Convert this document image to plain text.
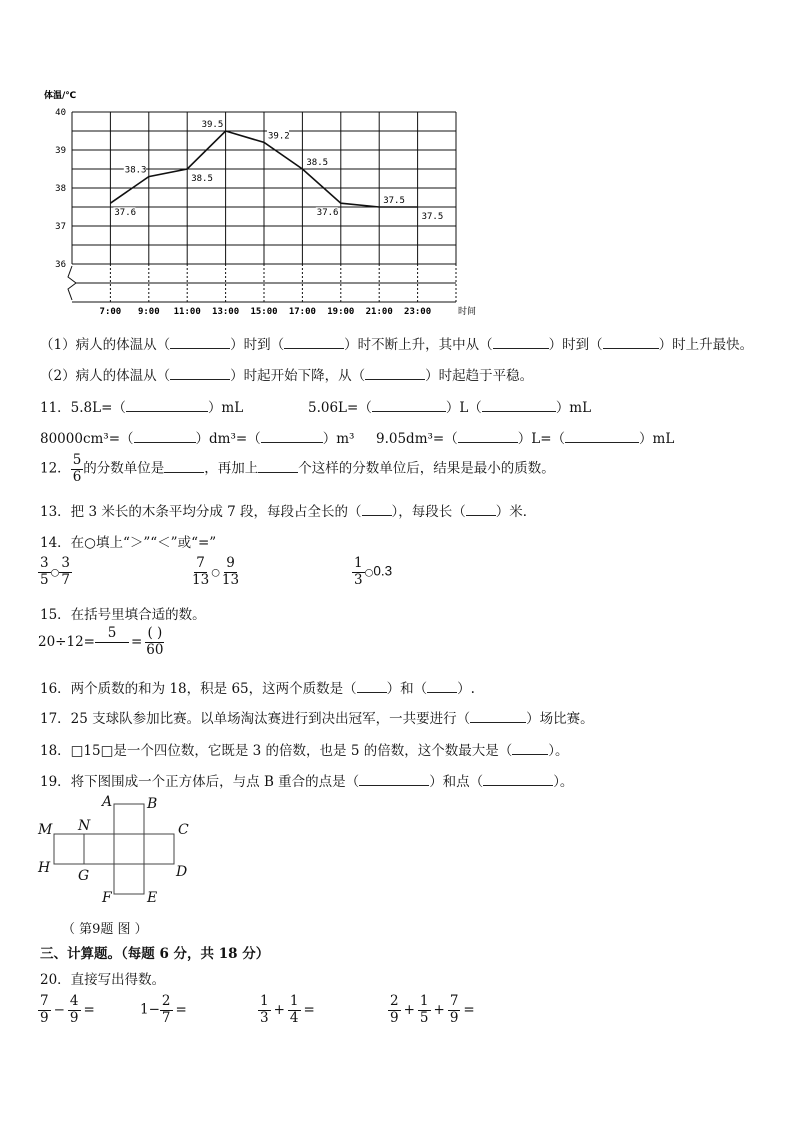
体温/℃
40
39
38
37
36
7:00 9:00 11:00 13:00 15:00 17:00 19:00 21:00 23:00	时间
37.6
38.3
38.5
39.5
39.2
38.5
37.6
37.5
37.5
（1）病人的体温从（	）时到（	）时不断上升，其中从（	）时到（	）时上升最快。
（2）病人的体温从（	）时起开始下降，从（	）时起趋于平稳。
11．5.8L=（	）mL	5.06L=（	）L（	）mL
80000cm³=（	）dm³=（	）m³ 9.05dm³=（	）L=（	）mL
12． $\frac{5}{6}$ 的分数单位是	，再加上	个这样的分数单位后，结果是最小的质数。
13．把 3 米长的木条平均分成 7 段，每段占全长的（ ），每段长（ ）米．
14．在○填上“＞”“＜”或“=”
$\frac{3}{5}$ ○ $\frac{3}{7}$	$\frac{7}{13}$ ○ $\frac{9}{13}$	$\frac{1}{3}$ ○0.3
15．在括号里填合适的数。
20÷12=
5
= $\frac{( )}{60}$
16．两个质数的和为 18，积是 65，这两个质数是（ ）和（ ）.
17．25 支球队参加比赛。以单场淘汰赛进行到决出冠军，一共要进行（	）场比赛。
18．□15□是一个四位数，它既是 3 的倍数，也是 5 的倍数，这个数最大是（	）。
19．将下图围成一个正方体后，与点 B 重合的点是（	）和点（	）。
A B
M N	C
H G	D
F	E
（ 第9题 图 ）
三、计算题。（每题 6 分，共 18 分）
20．直接写出得数。
$\frac{7}{9} - \frac{4}{9}$ =	$1- \frac{2}{7}$ =	$\frac{1}{3} + \frac{1}{4}$ =	$\frac{2}{9} + \frac{1}{5} + \frac{7}{9}$ =
